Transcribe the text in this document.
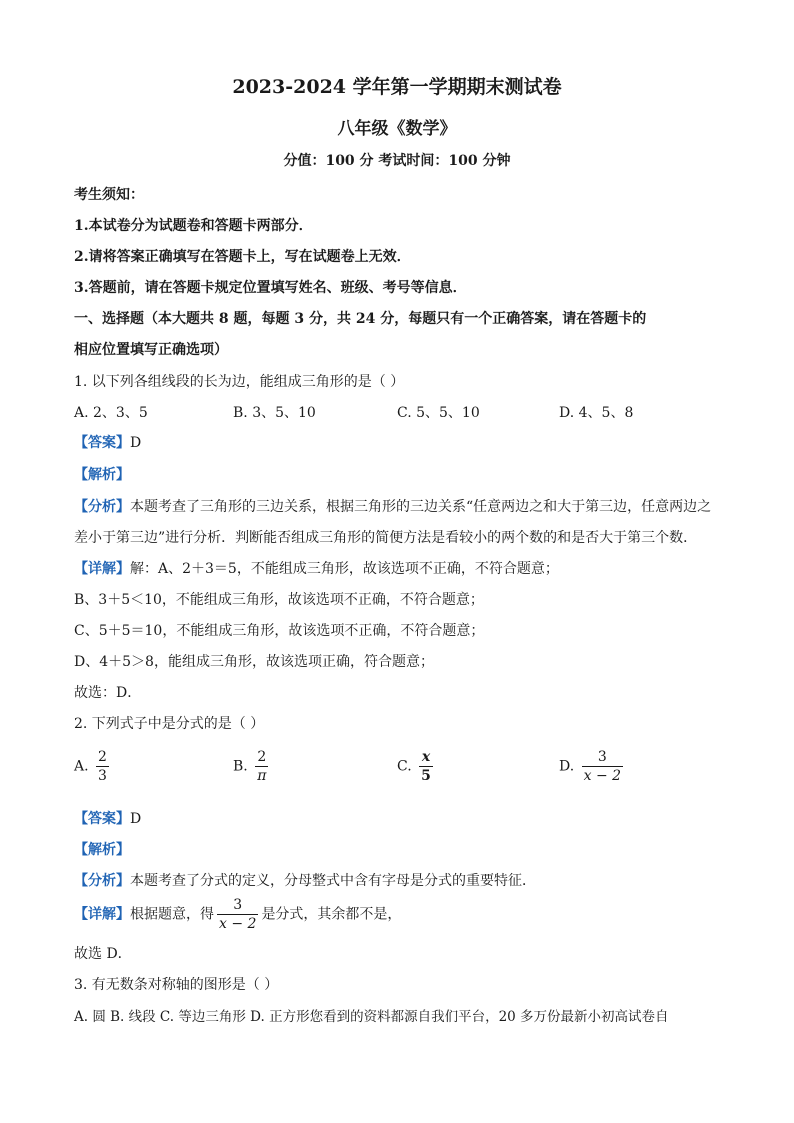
2023-2024 学年第一学期期末测试卷
八年级《数学》
分值：100 分 考试时间：100 分钟
考生须知：
1.本试卷分为试题卷和答题卡两部分．
2.请将答案正确填写在答题卡上，写在试题卷上无效．
3.答题前，请在答题卡规定位置填写姓名、班级、考号等信息．
一、选择题（本大题共 8 题，每题 3 分，共 24 分，每题只有一个正确答案，请在答题卡的
相应位置填写正确选项）
1. 以下列各组线段的长为边，能组成三角形的是（ ）
A. 2、3、5	B. 3、5、10	C. 5、5、10	D. 4、5、8
【答案】D
【解析】
【分析】本题考查了三角形的三边关系，根据三角形的三边关系“任意两边之和大于第三边，任意两边之
差小于第三边”进行分析．判断能否组成三角形的简便方法是看较小的两个数的和是否大于第三个数．
【详解】解：A、2＋3＝5，不能组成三角形，故该选项不正确，不符合题意；
B、3＋5＜10，不能组成三角形，故该选项不正确，不符合题意；
C、5＋5＝10，不能组成三角形，故该选项不正确，不符合题意；
D、4＋5＞8，能组成三角形，故该选项正确，符合题意；
故选：D．
2. 下列式子中是分式的是（ ）
A. $\frac{2}{3}$	B. $\frac{2}{\pi}$	C. $\frac{x}{5}$	D. $\frac{3}{x - 2}$
【答案】D
【解析】
【分析】本题考查了分式的定义，分母整式中含有字母是分式的重要特征．
【详解】根据题意，得 $\frac{3}{x - 2}$ 是分式，其余都不是，
故选 D．
3. 有无数条对称轴的图形是（ ）
A. 圆 B. 线段 C. 等边三角形 D. 正方形您看到的资料都源自我们平台，20 多万份最新小初高试卷自
